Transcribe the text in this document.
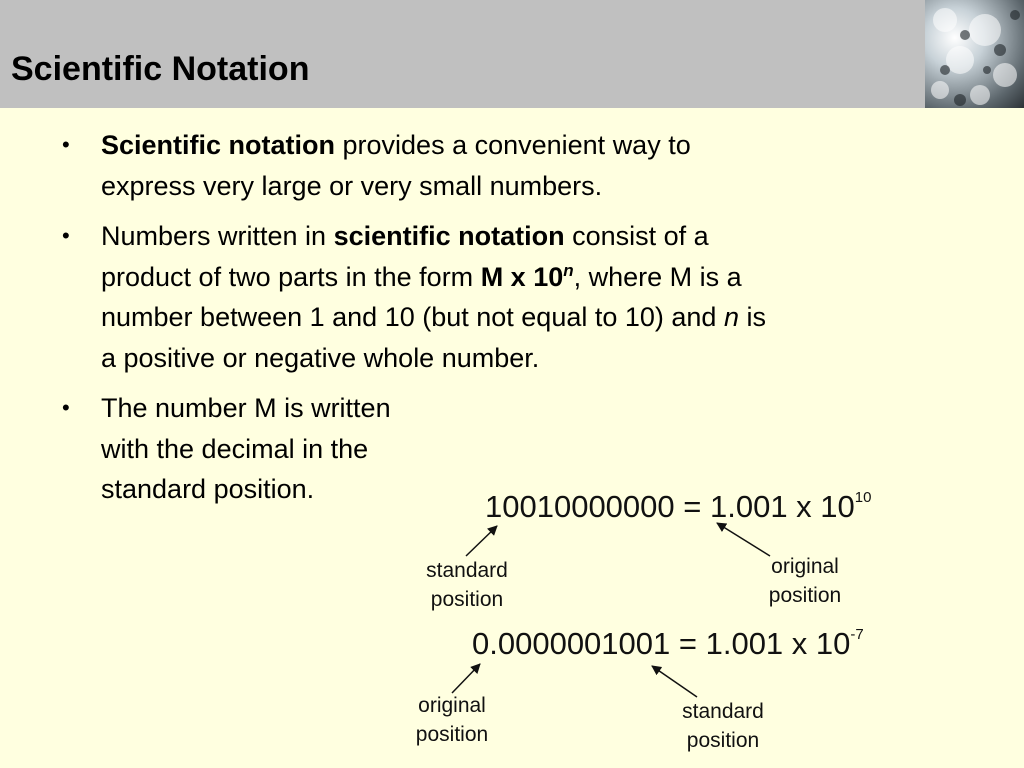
Scientific Notation
• Scientific notation provides a convenient way to
express very large or very small numbers.
• Numbers written in scientific notation consist of a
product of two parts in the form M x 10$^n$, where M is a
number between 1 and 10 (but not equal to 10) and n is
a positive or negative whole number.
• The number M is written
with the decimal in the
standard position.	10010000000 = 1.001 x $10^{10}$
standard
position
original
position
0.0000001001 = 1.001 x $10^{-7}$
original
position
standard
position
